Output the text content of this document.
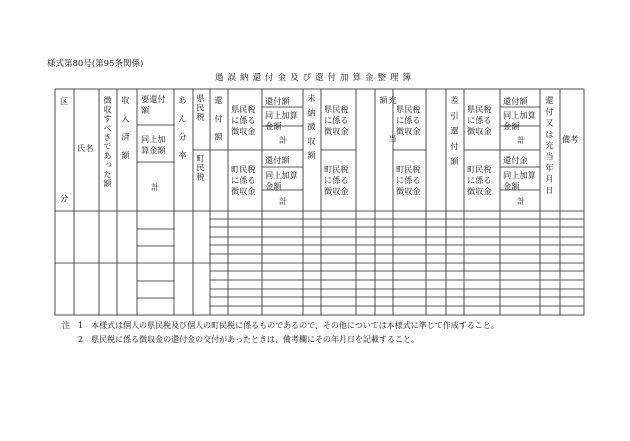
様式第80号(第95条関係)
過誤納還付金及び還付加算金整理簿
区
分
氏名 徴収すべきであった額 収入済額 要還付額
同上加算金額
計
あん分率 県民税
町民税
還付額 県民税に係る徴収金
町民税に係る徴収金
還付額
同上加算金額
計
還付額
同上加算金額
計
未納徴収額 県民税に係る徴収金
町民税に係る徴収金
充当額 県民税に係る徴収金
町民税に係る徴収金
差引還付額 県民税に係る徴収金
町民税に係る徴収金
還付額
同上加算金額
計
還付金
同上加算金額
計
還付又は充当年月日 備考
注　1　本様式は個人の県民税及び個人の町民税に係るものであるので、その他については本様式に準じて作成すること。
　　2　県民税に係る徴収金の還付金の交付があったときは、備考欄にその年月日を記載すること。
